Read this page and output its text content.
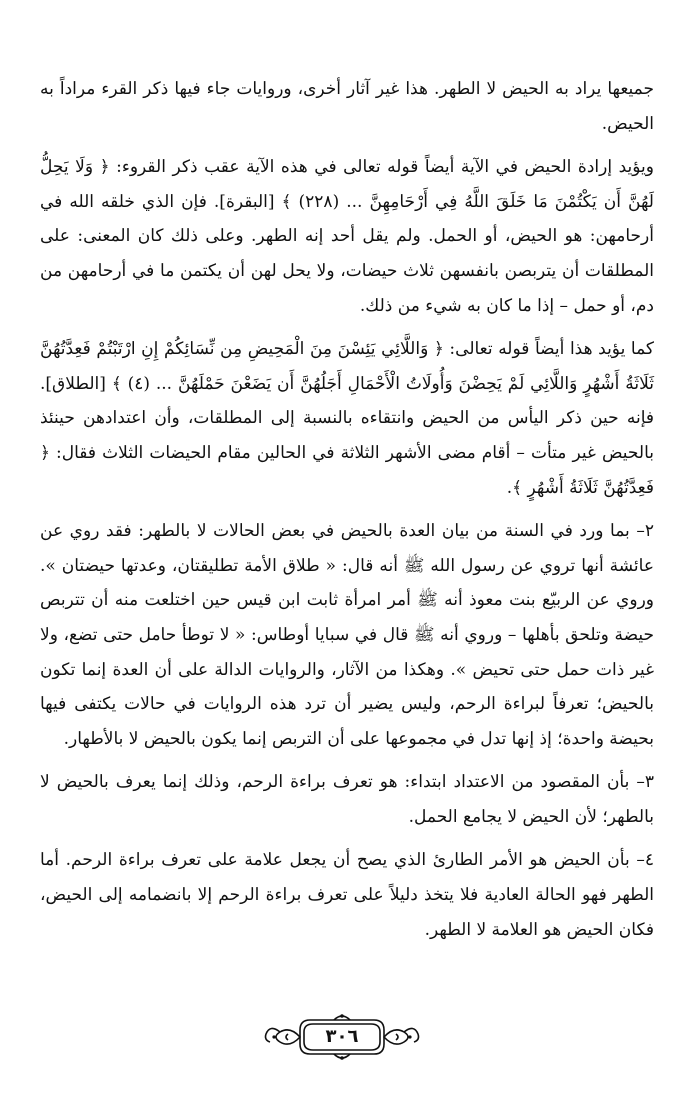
جميعها يراد به الحيض لا الطهر. هذا غير آثار أخرى، وروايات جاء فيها ذكر القرء مراداً به الحيض.

ويؤيد إرادة الحيض في الآية أيضاً قوله تعالى في هذه الآية عقب ذكر القروء: ﴿ وَلَا يَحِلُّ لَهُنَّ أَن يَكْتُمْنَ مَا خَلَقَ اللَّهُ فِي أَرْحَامِهِنَّ ... (٢٢٨) ﴾ [البقرة]. فإن الذي خلقه الله في أرحامهن: هو الحيض، أو الحمل. ولم يقل أحد إنه الطهر. وعلى ذلك كان المعنى: على المطلقات أن يتربصن بانفسهن ثلاث حيضات، ولا يحل لهن أن يكتمن ما في أرحامهن من دم، أو حمل – إذا ما كان به شيء من ذلك.

كما يؤيد هذا أيضاً قوله تعالى: ﴿ وَاللَّائِي يَئِسْنَ مِنَ الْمَحِيضِ مِن نِّسَائِكُمْ إِنِ ارْتَبْتُمْ فَعِدَّتُهُنَّ ثَلَاثَةُ أَشْهُرٍ وَاللَّائِي لَمْ يَحِضْنَ وَأُولَاتُ الْأَحْمَالِ أَجَلُهُنَّ أَن يَضَعْنَ حَمْلَهُنَّ ... (٤) ﴾ [الطلاق]. فإنه حين ذكر اليأس من الحيض وانتقاءه بالنسبة إلى المطلقات، وأن اعتدادهن حينئذ بالحيض غير متأت – أقام مضى الأشهر الثلاثة في الحالين مقام الحيضات الثلاث فقال: ﴿ فَعِدَّتُهُنَّ ثَلَاثَةُ أَشْهُرٍ ﴾.

٢– بما ورد في السنة من بيان العدة بالحيض في بعض الحالات لا بالطهر: فقد روي عن عائشة أنها تروي عن رسول الله ﷺ أنه قال: « طلاق الأمة تطليقتان، وعدتها حيضتان ». وروي عن الربيّع بنت معوذ أنه ﷺ أمر امرأة ثابت ابن قيس حين اختلعت منه أن تتربص حيضة وتلحق بأهلها – وروي أنه ﷺ قال في سبايا أوطاس: « لا توطأ حامل حتى تضع، ولا غير ذات حمل حتى تحيض ». وهكذا من الآثار، والروايات الدالة على أن العدة إنما تكون بالحيض؛ تعرفاً لبراءة الرحم، وليس يضير أن ترد هذه الروايات في حالات يكتفى فيها بحيضة واحدة؛ إذ إنها تدل في مجموعها على أن التربص إنما يكون بالحيض لا بالأطهار.

٣– بأن المقصود من الاعتداد ابتداء: هو تعرف براءة الرحم، وذلك إنما يعرف بالحيض لا بالطهر؛ لأن الحيض لا يجامع الحمل.

٤– بأن الحيض هو الأمر الطارئ الذي يصح أن يجعل علامة على تعرف براءة الرحم. أما الطهر فهو الحالة العادية فلا يتخذ دليلاً على تعرف براءة الرحم إلا بانضمامه إلى الحيض، فكان الحيض هو العلامة لا الطهر.

٣٠٦
